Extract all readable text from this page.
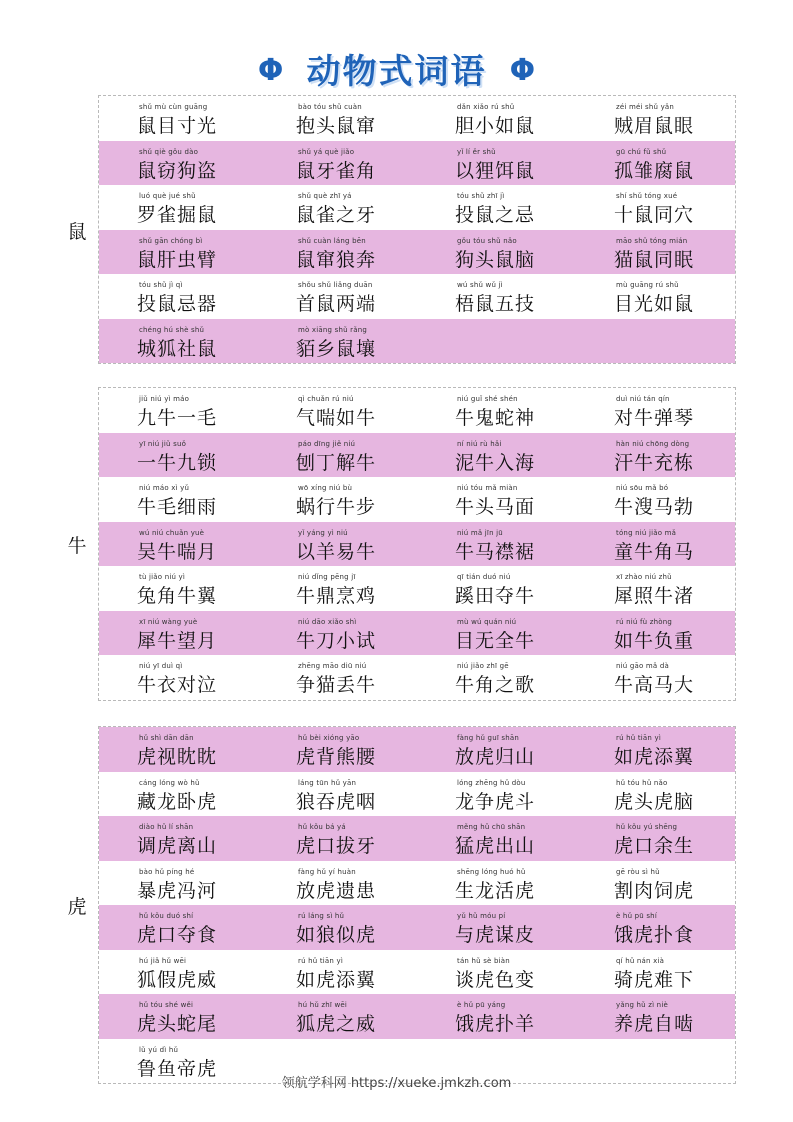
Φ 动物式词语 Φ
鼠
shǔ mù cùn guāng
鼠目寸光
bào tóu shǔ cuàn
抱头鼠窜
dǎn xiǎo rú shǔ
胆小如鼠
zéi méi shǔ yǎn
贼眉鼠眼
shǔ qiè gǒu dào
鼠窃狗盗
shǔ yá què jiǎo
鼠牙雀角
yǐ lí ěr shǔ
以狸饵鼠
gū chú fǔ shǔ
孤雏腐鼠
luó què jué shǔ
罗雀掘鼠
shǔ què zhī yá
鼠雀之牙
tóu shǔ zhī jì
投鼠之忌
shí shǔ tóng xué
十鼠同穴
shǔ gān chóng bì
鼠肝虫臂
shǔ cuàn láng bēn
鼠窜狼奔
gǒu tóu shǔ nǎo
狗头鼠脑
māo shǔ tóng mián
猫鼠同眠
tóu shǔ jì qì
投鼠忌器
shǒu shǔ liǎng duān
首鼠两端
wú shǔ wǔ jì
梧鼠五技
mù guāng rú shǔ
目光如鼠
chéng hú shè shǔ
城狐社鼠
mò xiāng shǔ rǎng
貊乡鼠壤
牛
jiǔ niú yì máo
九牛一毛
qì chuǎn rú niú
气喘如牛
niú guǐ shé shén
牛鬼蛇神
duì niú tán qín
对牛弹琴
yī niú jiǔ suǒ
一牛九锁
páo dīng jiě niú
刨丁解牛
ní niú rù hǎi
泥牛入海
hàn niú chōng dòng
汗牛充栋
niú máo xì yǔ
牛毛细雨
wō xíng niú bù
蜗行牛步
niú tóu mǎ miàn
牛头马面
niú sōu mǎ bó
牛溲马勃
wú niú chuǎn yuè
吴牛喘月
yǐ yáng yì niú
以羊易牛
niú mǎ jīn jū
牛马襟裾
tóng niú jiǎo mǎ
童牛角马
tù jiǎo niú yì
兔角牛翼
niú dǐng pēng jī
牛鼎烹鸡
qī tián duó niú
蹊田夺牛
xī zhào niú zhǔ
犀照牛渚
xī niú wàng yuè
犀牛望月
niú dāo xiǎo shì
牛刀小试
mù wú quán niú
目无全牛
rú niú fù zhòng
如牛负重
niú yī duì qì
牛衣对泣
zhēng māo diū niú
争猫丢牛
niú jiǎo zhī gē
牛角之歌
niú gāo mǎ dà
牛高马大
虎
hǔ shì dān dān
虎视眈眈
hǔ bèi xióng yāo
虎背熊腰
fàng hǔ guī shān
放虎归山
rú hǔ tiān yì
如虎添翼
cáng lóng wò hǔ
藏龙卧虎
láng tūn hǔ yān
狼吞虎咽
lóng zhēng hǔ dòu
龙争虎斗
hǔ tóu hǔ nǎo
虎头虎脑
diào hǔ lí shān
调虎离山
hǔ kǒu bá yá
虎口拔牙
měng hǔ chū shān
猛虎出山
hǔ kǒu yú shēng
虎口余生
bào hǔ píng hé
暴虎冯河
fàng hǔ yí huàn
放虎遗患
shēng lóng huó hǔ
生龙活虎
gē ròu sì hǔ
割肉饲虎
hǔ kǒu duó shí
虎口夺食
rú láng sì hǔ
如狼似虎
yǔ hǔ móu pí
与虎谋皮
è hǔ pū shí
饿虎扑食
hú jiǎ hǔ wēi
狐假虎威
rú hǔ tiān yì
如虎添翼
tán hǔ sè biàn
谈虎色变
qí hǔ nán xià
骑虎难下
hǔ tóu shé wěi
虎头蛇尾
hú hǔ zhī wēi
狐虎之威
è hǔ pū yáng
饿虎扑羊
yǎng hǔ zì niè
养虎自啮
lǔ yú dì hǔ
鲁鱼帝虎
领航学科网 https://xueke.jmkzh.com
